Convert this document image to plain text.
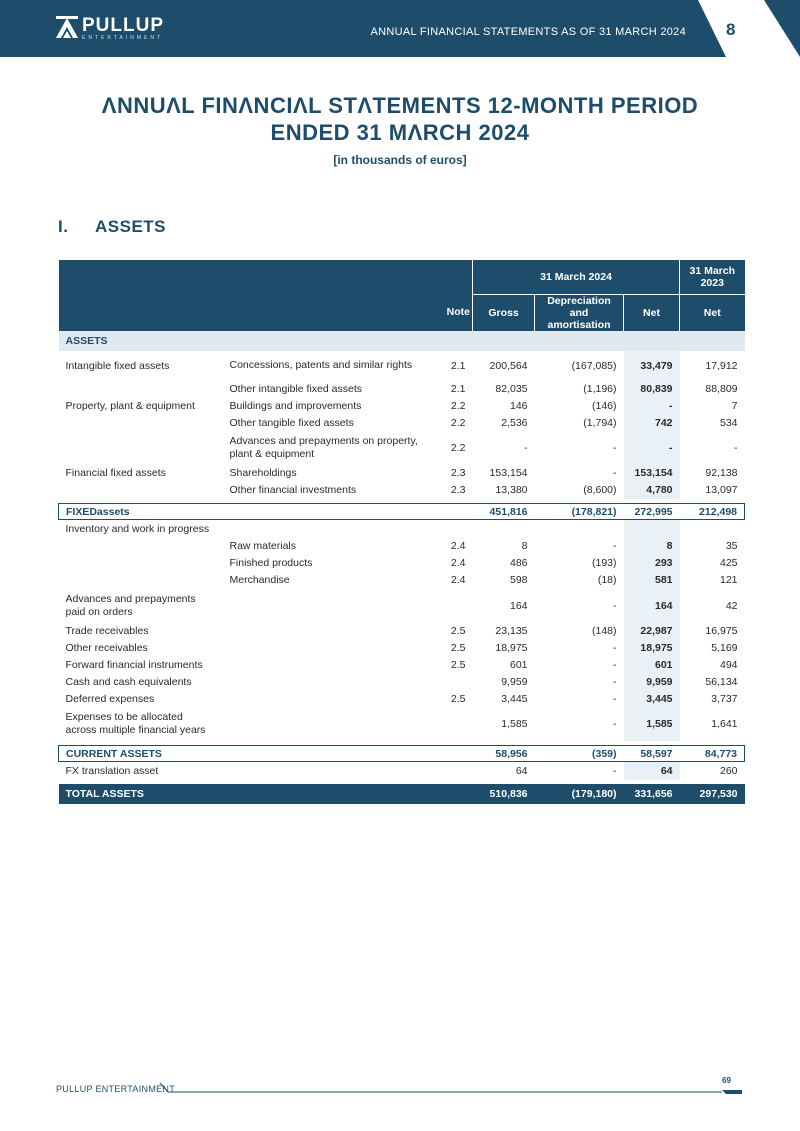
PULLUP
ENTERTAINMENT	ANNUAL FINANCIAL STATEMENTS AS OF 31 MARCH 2024 8
ΛNNUΛL FINΛNCIΛL STΛTEMENTS 12-MONTH PERIOD
ENDED 31 MΛRCH 2024
[in thousands of euros]
I. ASSETS
			31 March 2024			31 March 2023
		Note	Gross	Depreciation and amortisation	Net	Net
ASSETS						
Intangible fixed assets	Concessions, patents and similar rights	2.1	200,564	(167,085)	33,479	17,912
	Other intangible fixed assets	2.1	82,035	(1,196)	80,839	88,809
Property, plant & equipment	Buildings and improvements	2.2	146	(146)	-	7
	Other tangible fixed assets	2.2	2,536	(1,794)	742	534
	Advances and prepayments on property, plant & equipment	2.2	-	-	-	-
Financial fixed assets	Shareholdings	2.3	153,154	-	153,154	92,138
	Other financial investments	2.3	13,380	(8,600)	4,780	13,097

FIXEDassets			451,816	(178,821)	272,995	212,498
Inventory and work in progress						
	Raw materials	2.4	8	-	8	35
	Finished products	2.4	486	(193)	293	425
	Merchandise	2.4	598	(18)	581	121
Advances and prepayments paid on orders			164	-	164	42
Trade receivables		2.5	23,135	(148)	22,987	16,975
Other receivables		2.5	18,975	-	18,975	5,169
Forward financial instruments		2.5	601	-	601	494
Cash and cash equivalents			9,959	-	9,959	56,134
Deferred expenses		2.5	3,445	-	3,445	3,737
Expenses to be allocated across multiple financial years			1,585	-	1,585	1,641

CURRENT ASSETS			58,956	(359)	58,597	84,773
FX translation asset			64	-	64	260

TOTAL ASSETS			510,836	(179,180)	331,656	297,530
PULLUP ENTERTAINMENT
69
